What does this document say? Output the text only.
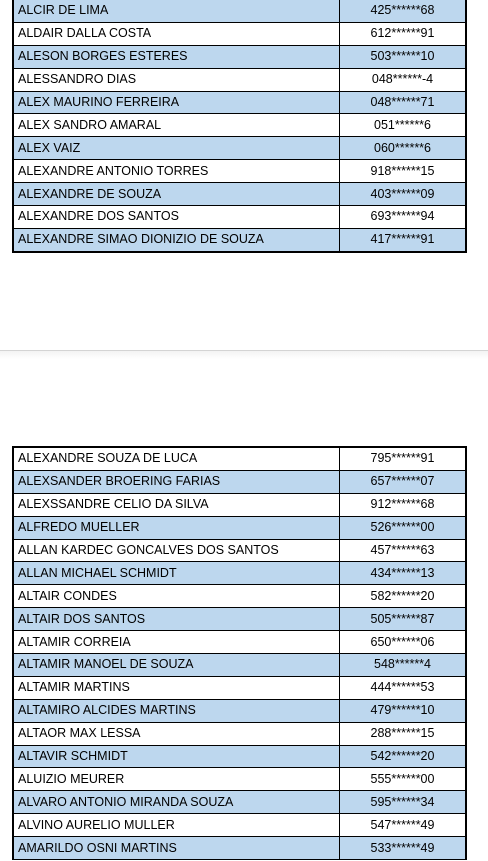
ALCIR DE LIMA	425******68
ALDAIR DALLA COSTA	612******91
ALESON BORGES ESTERES	503******10
ALESSANDRO DIAS	048******-4
ALEX MAURINO FERREIRA	048******71
ALEX SANDRO AMARAL	051******6
ALEX VAIZ	060******6
ALEXANDRE ANTONIO TORRES	918******15
ALEXANDRE DE SOUZA	403******09
ALEXANDRE DOS SANTOS	693******94
ALEXANDRE SIMAO DIONIZIO DE SOUZA	417******91
ALEXANDRE SOUZA DE LUCA	795******91
ALEXSANDER BROERING FARIAS	657******07
ALEXSSANDRE CELIO DA SILVA	912******68
ALFREDO MUELLER	526******00
ALLAN KARDEC GONCALVES DOS SANTOS	457******63
ALLAN MICHAEL SCHMIDT	434******13
ALTAIR CONDES	582******20
ALTAIR DOS SANTOS	505******87
ALTAMIR CORREIA	650******06
ALTAMIR MANOEL DE SOUZA	548******4
ALTAMIR MARTINS	444******53
ALTAMIRO ALCIDES MARTINS	479******10
ALTAOR MAX LESSA	288******15
ALTAVIR SCHMIDT	542******20
ALUIZIO MEURER	555******00
ALVARO ANTONIO MIRANDA SOUZA	595******34
ALVINO AURELIO MULLER	547******49
AMARILDO OSNI MARTINS	533******49
